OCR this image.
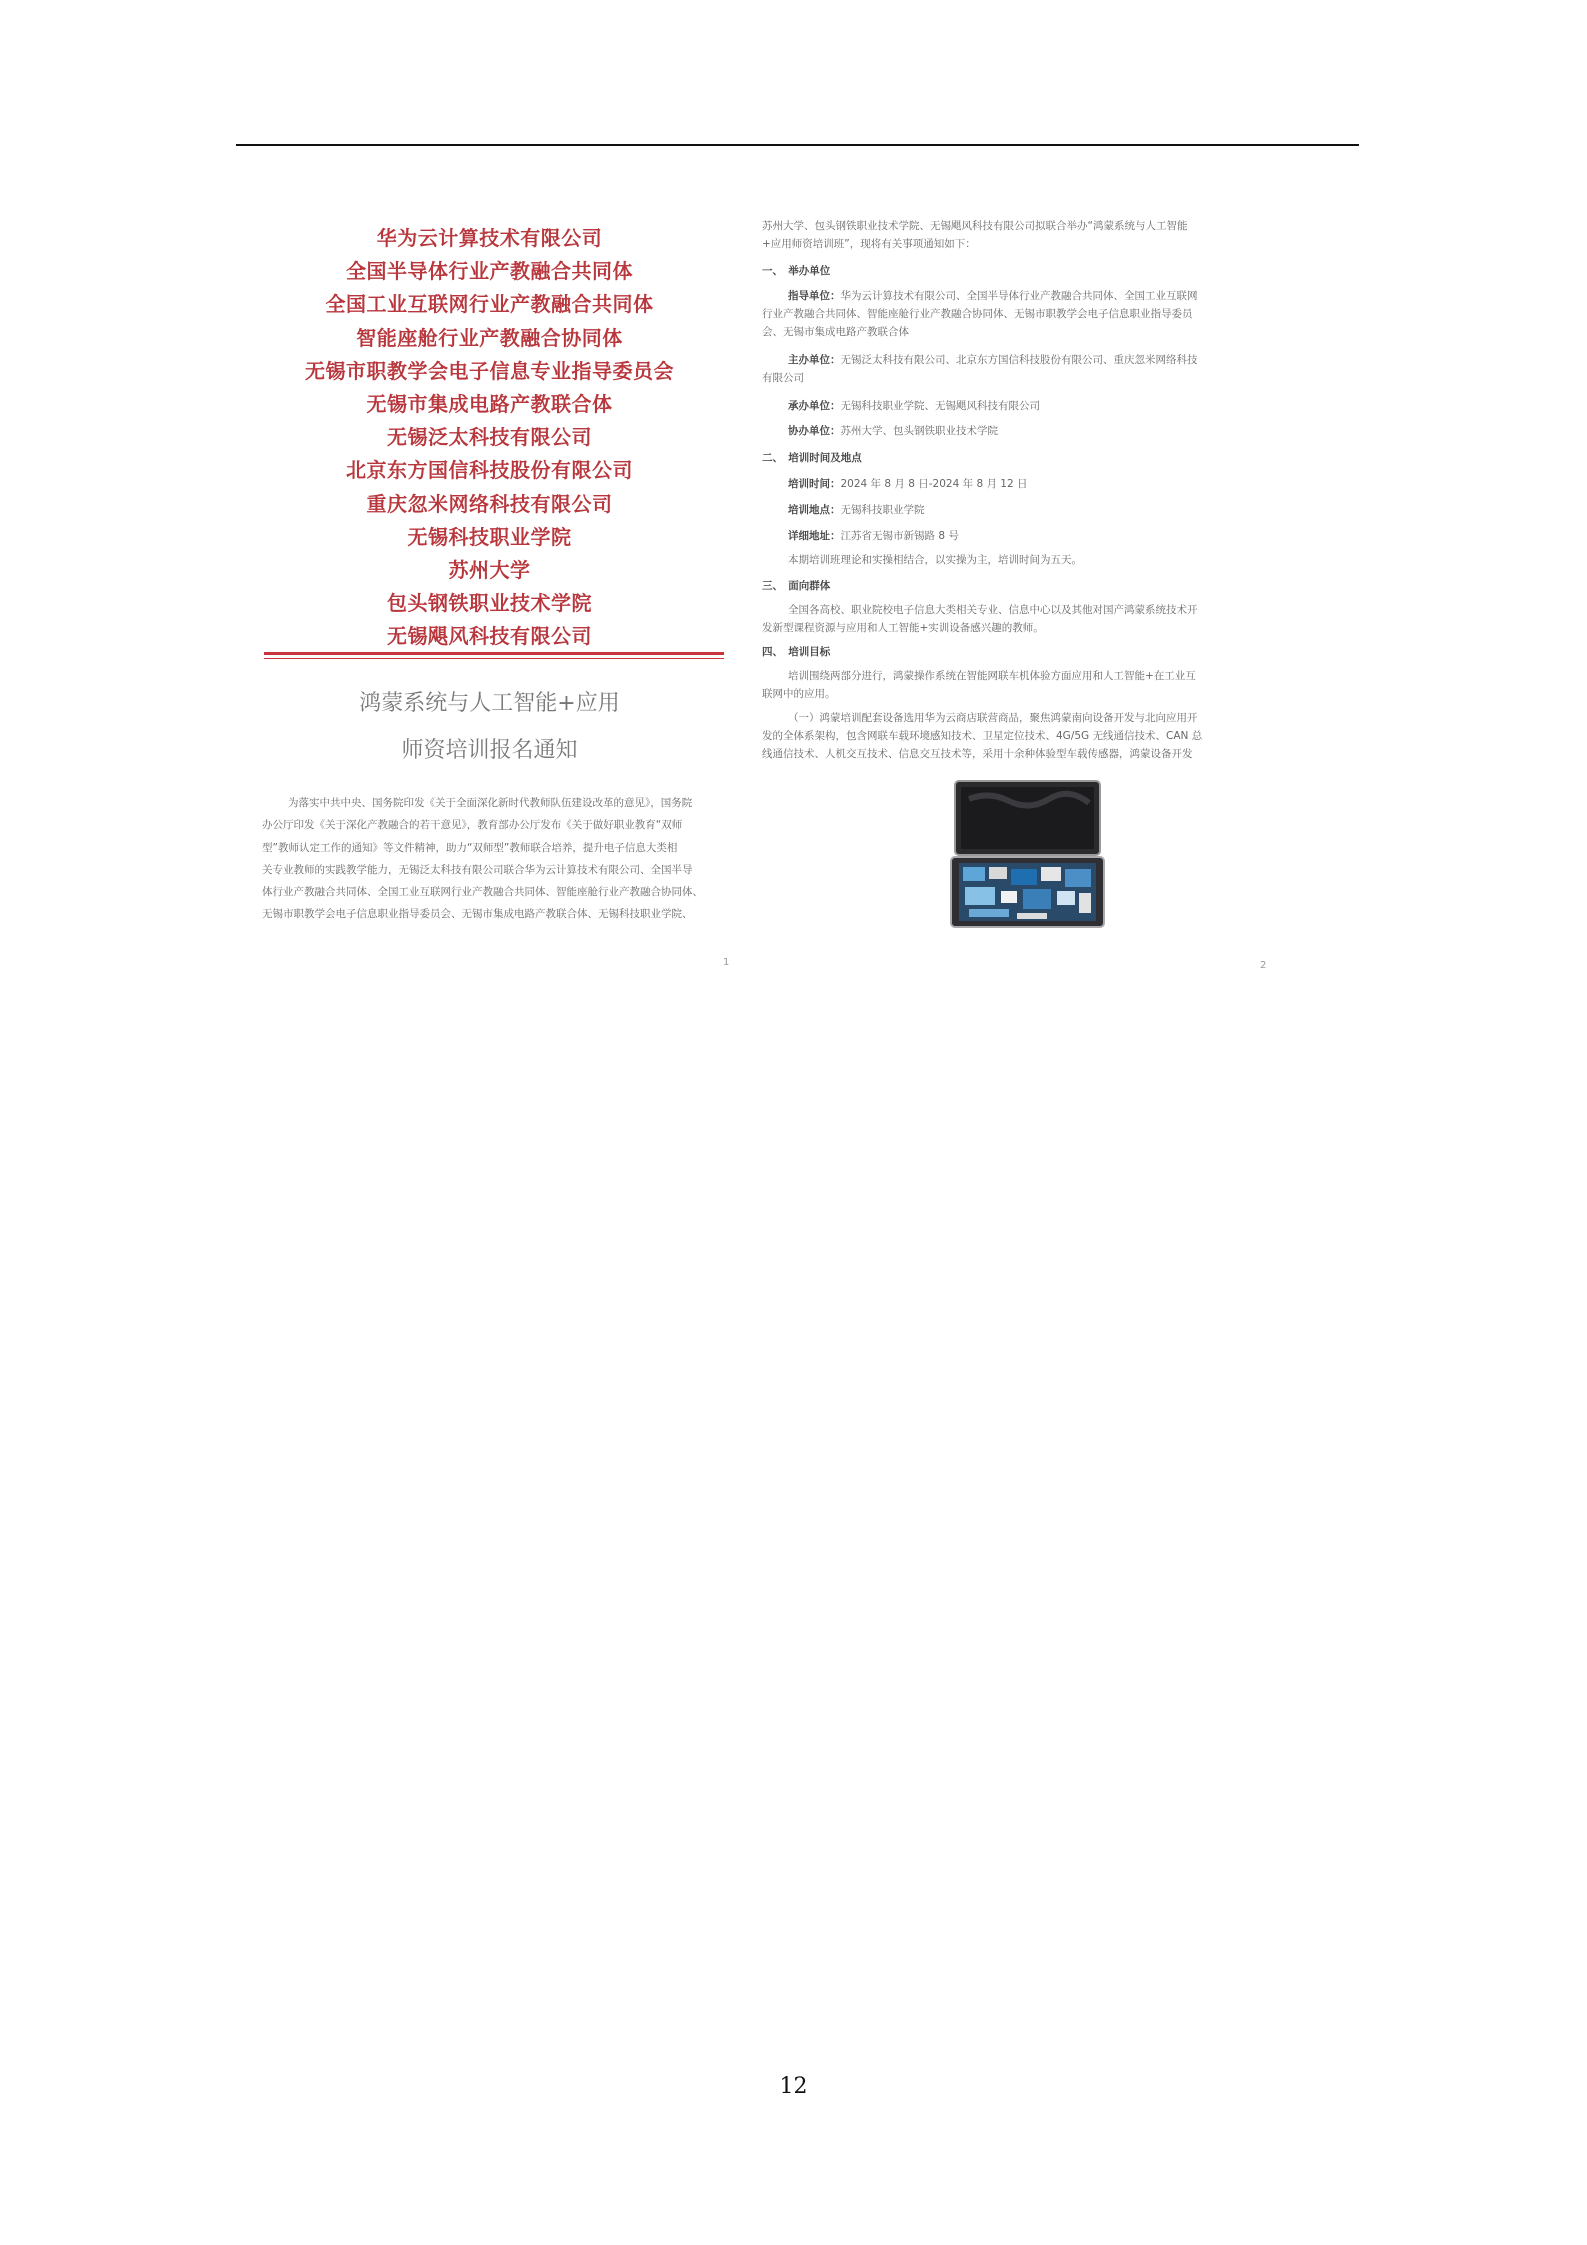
华为云计算技术有限公司
全国半导体行业产教融合共同体
全国工业互联网行业产教融合共同体
智能座舱行业产教融合协同体
无锡市职教学会电子信息专业指导委员会
无锡市集成电路产教联合体
无锡泛太科技有限公司
北京东方国信科技股份有限公司
重庆忽米网络科技有限公司
无锡科技职业学院
苏州大学
包头钢铁职业技术学院
无锡飓风科技有限公司
鸿蒙系统与人工智能+应用
师资培训报名通知

为落实中共中央、国务院印发《关于全面深化新时代教师队伍建设改革的意见》，国务院

办公厅印发《关于深化产教融合的若干意见》，教育部办公厅发布《关于做好职业教育“双师

型”教师认定工作的通知》等文件精神，助力“双师型”教师联合培养，提升电子信息大类相

关专业教师的实践教学能力，无锡泛太科技有限公司联合华为云计算技术有限公司、全国半导

体行业产教融合共同体、全国工业互联网行业产教融合共同体、智能座舱行业产教融合协同体、

无锡市职教学会电子信息职业指导委员会、无锡市集成电路产教联合体、无锡科技职业学院、

1
苏州大学、包头钢铁职业技术学院、无锡飓风科技有限公司拟联合举办“鸿蒙系统与人工智能
+应用师资培训班”，现将有关事项通知如下：
一、　举办单位
指导单位：华为云计算技术有限公司、全国半导体行业产教融合共同体、全国工业互联网
行业产教融合共同体、智能座舱行业产教融合协同体、无锡市职教学会电子信息职业指导委员
会、无锡市集成电路产教联合体
主办单位：无锡泛太科技有限公司、北京东方国信科技股份有限公司、重庆忽米网络科技
有限公司
承办单位：无锡科技职业学院、无锡飓风科技有限公司
协办单位：苏州大学、包头钢铁职业技术学院
二、　培训时间及地点
培训时间：2024 年 8 月 8 日-2024 年 8 月 12 日
培训地点：无锡科技职业学院
详细地址：江苏省无锡市新锡路 8 号
本期培训班理论和实操相结合，以实操为主，培训时间为五天。
三、　面向群体
全国各高校、职业院校电子信息大类相关专业、信息中心以及其他对国产鸿蒙系统技术开
发新型课程资源与应用和人工智能+实训设备感兴趣的教师。
四、　培训目标
培训围绕两部分进行，鸿蒙操作系统在智能网联车机体验方面应用和人工智能+在工业互
联网中的应用。
（一）鸿蒙培训配套设备选用华为云商店联营商品，聚焦鸿蒙南向设备开发与北向应用开
发的全体系架构，包含网联车载环境感知技术、卫星定位技术、4G/5G 无线通信技术、CAN 总
线通信技术、人机交互技术、信息交互技术等，采用十余种体验型车载传感器，鸿蒙设备开发
2
12
